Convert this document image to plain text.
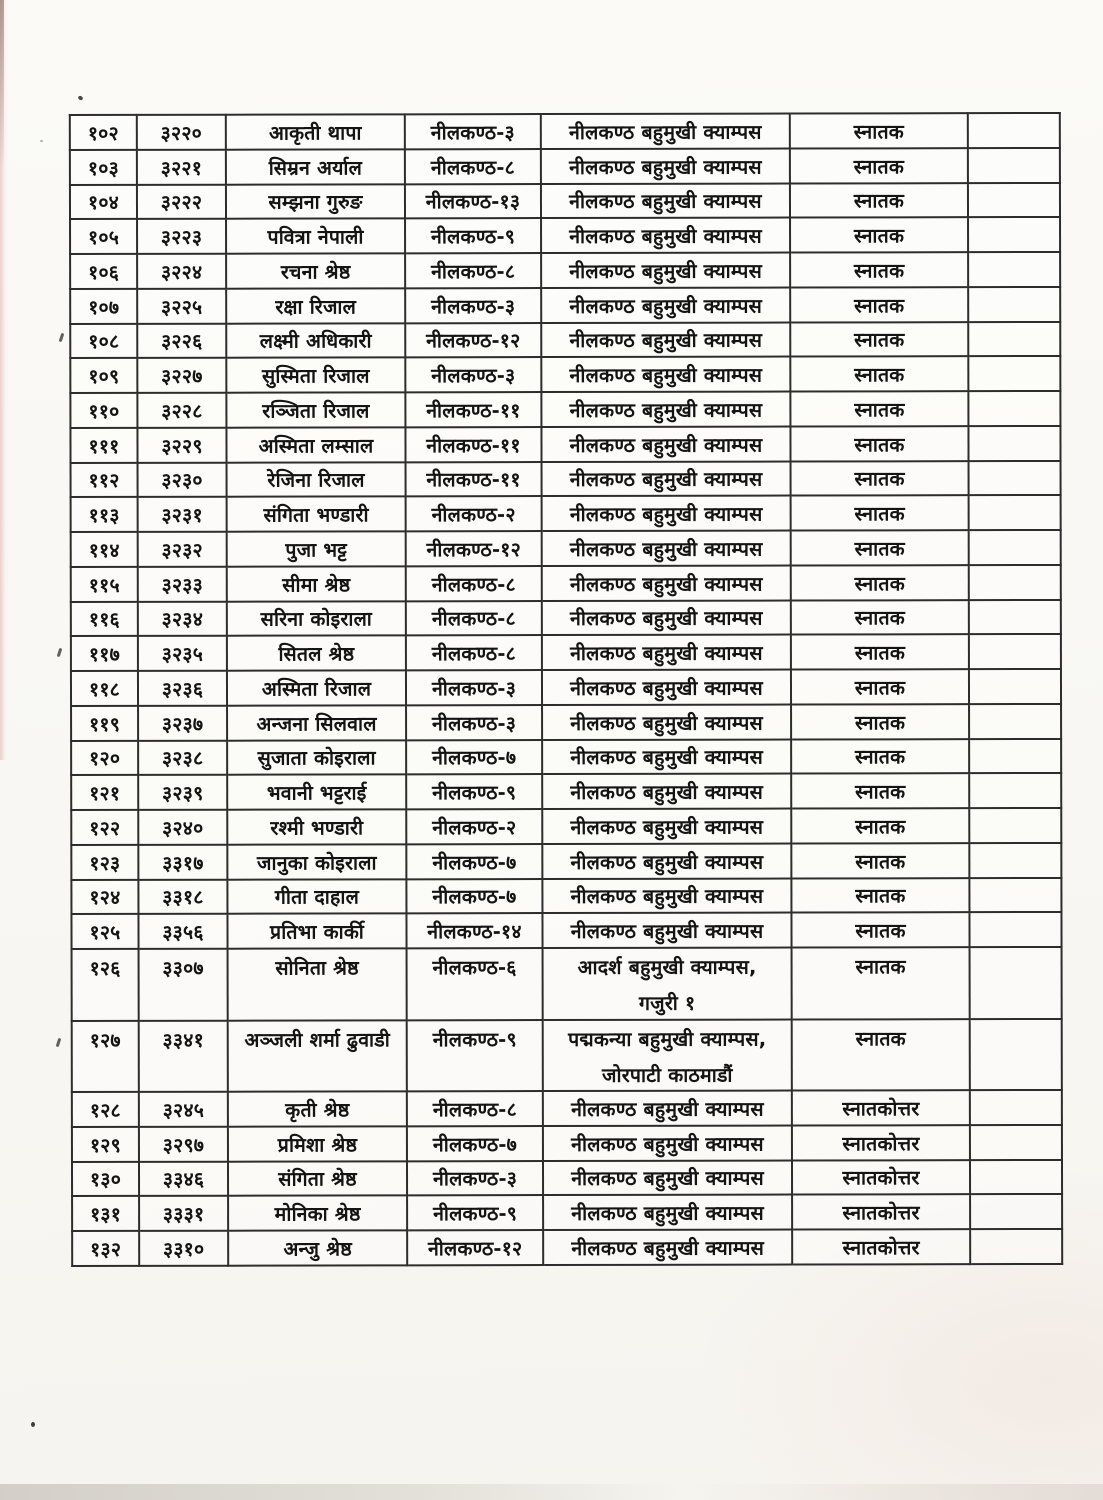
१०२	३२२०	आकृती थापा	नीलकण्ठ-३	नीलकण्ठ बहुमुखी क्याम्पस	स्नातक	
१०३	३२२१	सिम्रन अर्याल	नीलकण्ठ-८	नीलकण्ठ बहुमुखी क्याम्पस	स्नातक	
१०४	३२२२	सम्झना गुरुङ	नीलकण्ठ-१३	नीलकण्ठ बहुमुखी क्याम्पस	स्नातक	
१०५	३२२३	पवित्रा नेपाली	नीलकण्ठ-९	नीलकण्ठ बहुमुखी क्याम्पस	स्नातक	
१०६	३२२४	रचना श्रेष्ठ	नीलकण्ठ-८	नीलकण्ठ बहुमुखी क्याम्पस	स्नातक	
१०७	३२२५	रक्षा रिजाल	नीलकण्ठ-३	नीलकण्ठ बहुमुखी क्याम्पस	स्नातक	
१०८	३२२६	लक्ष्मी अधिकारी	नीलकण्ठ-१२	नीलकण्ठ बहुमुखी क्याम्पस	स्नातक	
१०९	३२२७	सुस्मिता रिजाल	नीलकण्ठ-३	नीलकण्ठ बहुमुखी क्याम्पस	स्नातक	
११०	३२२८	रञ्जिता रिजाल	नीलकण्ठ-११	नीलकण्ठ बहुमुखी क्याम्पस	स्नातक	
१११	३२२९	अस्मिता लम्साल	नीलकण्ठ-११	नीलकण्ठ बहुमुखी क्याम्पस	स्नातक	
११२	३२३०	रेजिना रिजाल	नीलकण्ठ-११	नीलकण्ठ बहुमुखी क्याम्पस	स्नातक	
११३	३२३१	संगिता भण्डारी	नीलकण्ठ-२	नीलकण्ठ बहुमुखी क्याम्पस	स्नातक	
११४	३२३२	पुजा भट्ट	नीलकण्ठ-१२	नीलकण्ठ बहुमुखी क्याम्पस	स्नातक	
११५	३२३३	सीमा श्रेष्ठ	नीलकण्ठ-८	नीलकण्ठ बहुमुखी क्याम्पस	स्नातक	
११६	३२३४	सरिना कोइराला	नीलकण्ठ-८	नीलकण्ठ बहुमुखी क्याम्पस	स्नातक	
११७	३२३५	सितल श्रेष्ठ	नीलकण्ठ-८	नीलकण्ठ बहुमुखी क्याम्पस	स्नातक	
११८	३२३६	अस्मिता रिजाल	नीलकण्ठ-३	नीलकण्ठ बहुमुखी क्याम्पस	स्नातक	
११९	३२३७	अन्जना सिलवाल	नीलकण्ठ-३	नीलकण्ठ बहुमुखी क्याम्पस	स्नातक	
१२०	३२३८	सुजाता कोइराला	नीलकण्ठ-७	नीलकण्ठ बहुमुखी क्याम्पस	स्नातक	
१२१	३२३९	भवानी भट्टराई	नीलकण्ठ-९	नीलकण्ठ बहुमुखी क्याम्पस	स्नातक	
१२२	३२४०	रश्मी भण्डारी	नीलकण्ठ-२	नीलकण्ठ बहुमुखी क्याम्पस	स्नातक	
१२३	३३१७	जानुका कोइराला	नीलकण्ठ-७	नीलकण्ठ बहुमुखी क्याम्पस	स्नातक	
१२४	३३१८	गीता दाहाल	नीलकण्ठ-७	नीलकण्ठ बहुमुखी क्याम्पस	स्नातक	
१२५	३३५६	प्रतिभा कार्की	नीलकण्ठ-१४	नीलकण्ठ बहुमुखी क्याम्पस	स्नातक	
१२६	३३०७	सोनिता श्रेष्ठ	नीलकण्ठ-६	आदर्श बहुमुखी क्याम्पस,
गजुरी १	स्नातक	
१२७	३३४१	अञ्जली शर्मा ढुवाडी	नीलकण्ठ-९	पद्मकन्या बहुमुखी क्याम्पस,
जोरपाटी काठमाडौं	स्नातक	
१२८	३२४५	कृती श्रेष्ठ	नीलकण्ठ-८	नीलकण्ठ बहुमुखी क्याम्पस	स्नातकोत्तर	
१२९	३२९७	प्रमिशा श्रेष्ठ	नीलकण्ठ-७	नीलकण्ठ बहुमुखी क्याम्पस	स्नातकोत्तर	
१३०	३३४६	संगिता श्रेष्ठ	नीलकण्ठ-३	नीलकण्ठ बहुमुखी क्याम्पस	स्नातकोत्तर	
१३१	३३३१	मोनिका श्रेष्ठ	नीलकण्ठ-९	नीलकण्ठ बहुमुखी क्याम्पस	स्नातकोत्तर	
१३२	३३१०	अन्जु श्रेष्ठ	नीलकण्ठ-१२	नीलकण्ठ बहुमुखी क्याम्पस	स्नातकोत्तर	
